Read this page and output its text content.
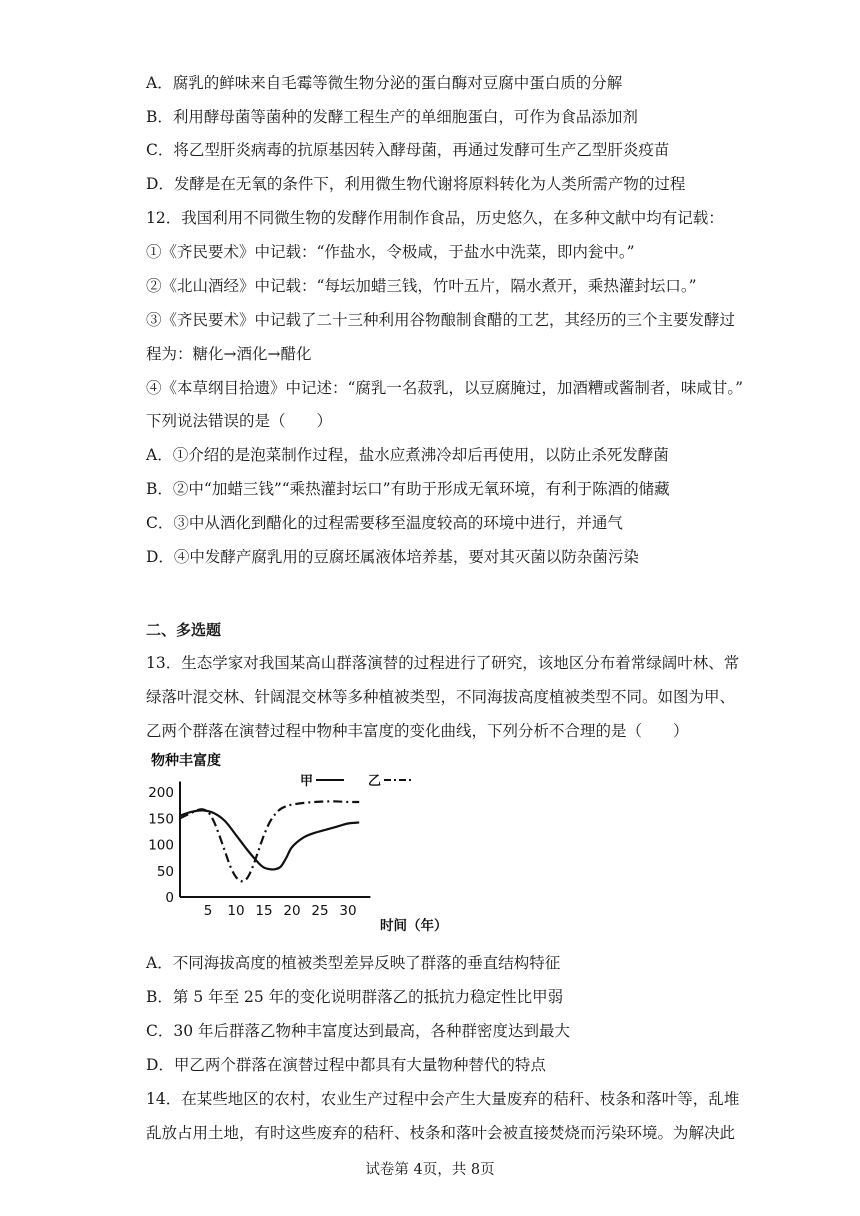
A．腐乳的鲜味来自毛霉等微生物分泌的蛋白酶对豆腐中蛋白质的分解
B．利用酵母菌等菌种的发酵工程生产的单细胞蛋白，可作为食品添加剂
C．将乙型肝炎病毒的抗原基因转入酵母菌，再通过发酵可生产乙型肝炎疫苗
D．发酵是在无氧的条件下，利用微生物代谢将原料转化为人类所需产物的过程
12．我国利用不同微生物的发酵作用制作食品，历史悠久，在多种文献中均有记载：
①《齐民要术》中记载：“作盐水，令极咸，于盐水中洗菜，即内瓮中。”
②《北山酒经》中记载：“每坛加蜡三钱，竹叶五片，隔水煮开，乘热灌封坛口。”
③《齐民要术》中记载了二十三种利用谷物酿制食醋的工艺，其经历的三个主要发酵过
程为：糖化→酒化→醋化
④《本草纲目拾遗》中记述：“腐乳一名菽乳，以豆腐腌过，加酒糟或酱制者，味咸甘。”
下列说法错误的是（　　）
A．①介绍的是泡菜制作过程，盐水应煮沸冷却后再使用，以防止杀死发酵菌
B．②中“加蜡三钱”“乘热灌封坛口”有助于形成无氧环境，有利于陈酒的储藏
C．③中从酒化到醋化的过程需要移至温度较高的环境中进行，并通气
D．④中发酵产腐乳用的豆腐坯属液体培养基，要对其灭菌以防杂菌污染
二、多选题
13．生态学家对我国某高山群落演替的过程进行了研究，该地区分布着常绿阔叶林、常
绿落叶混交林、针阔混交林等多种植被类型，不同海拔高度植被类型不同。如图为甲、
乙两个群落在演替过程中物种丰富度的变化曲线，下列分析不合理的是（　　）
A．不同海拔高度的植被类型差异反映了群落的垂直结构特征
B．第 5 年至 25 年的变化说明群落乙的抵抗力稳定性比甲弱
C．30 年后群落乙物种丰富度达到最高，各种群密度达到最大
D．甲乙两个群落在演替过程中都具有大量物种替代的特点
14．在某些地区的农村，农业生产过程中会产生大量废弃的秸秆、枝条和落叶等，乱堆
乱放占用土地，有时这些废弃的秸秆、枝条和落叶会被直接焚烧而污染环境。为解决此
0
50
100
150
200
5 10 15 20 25 30
甲	乙
物种丰富度
时间（年）
试卷第 4页，共 8页
